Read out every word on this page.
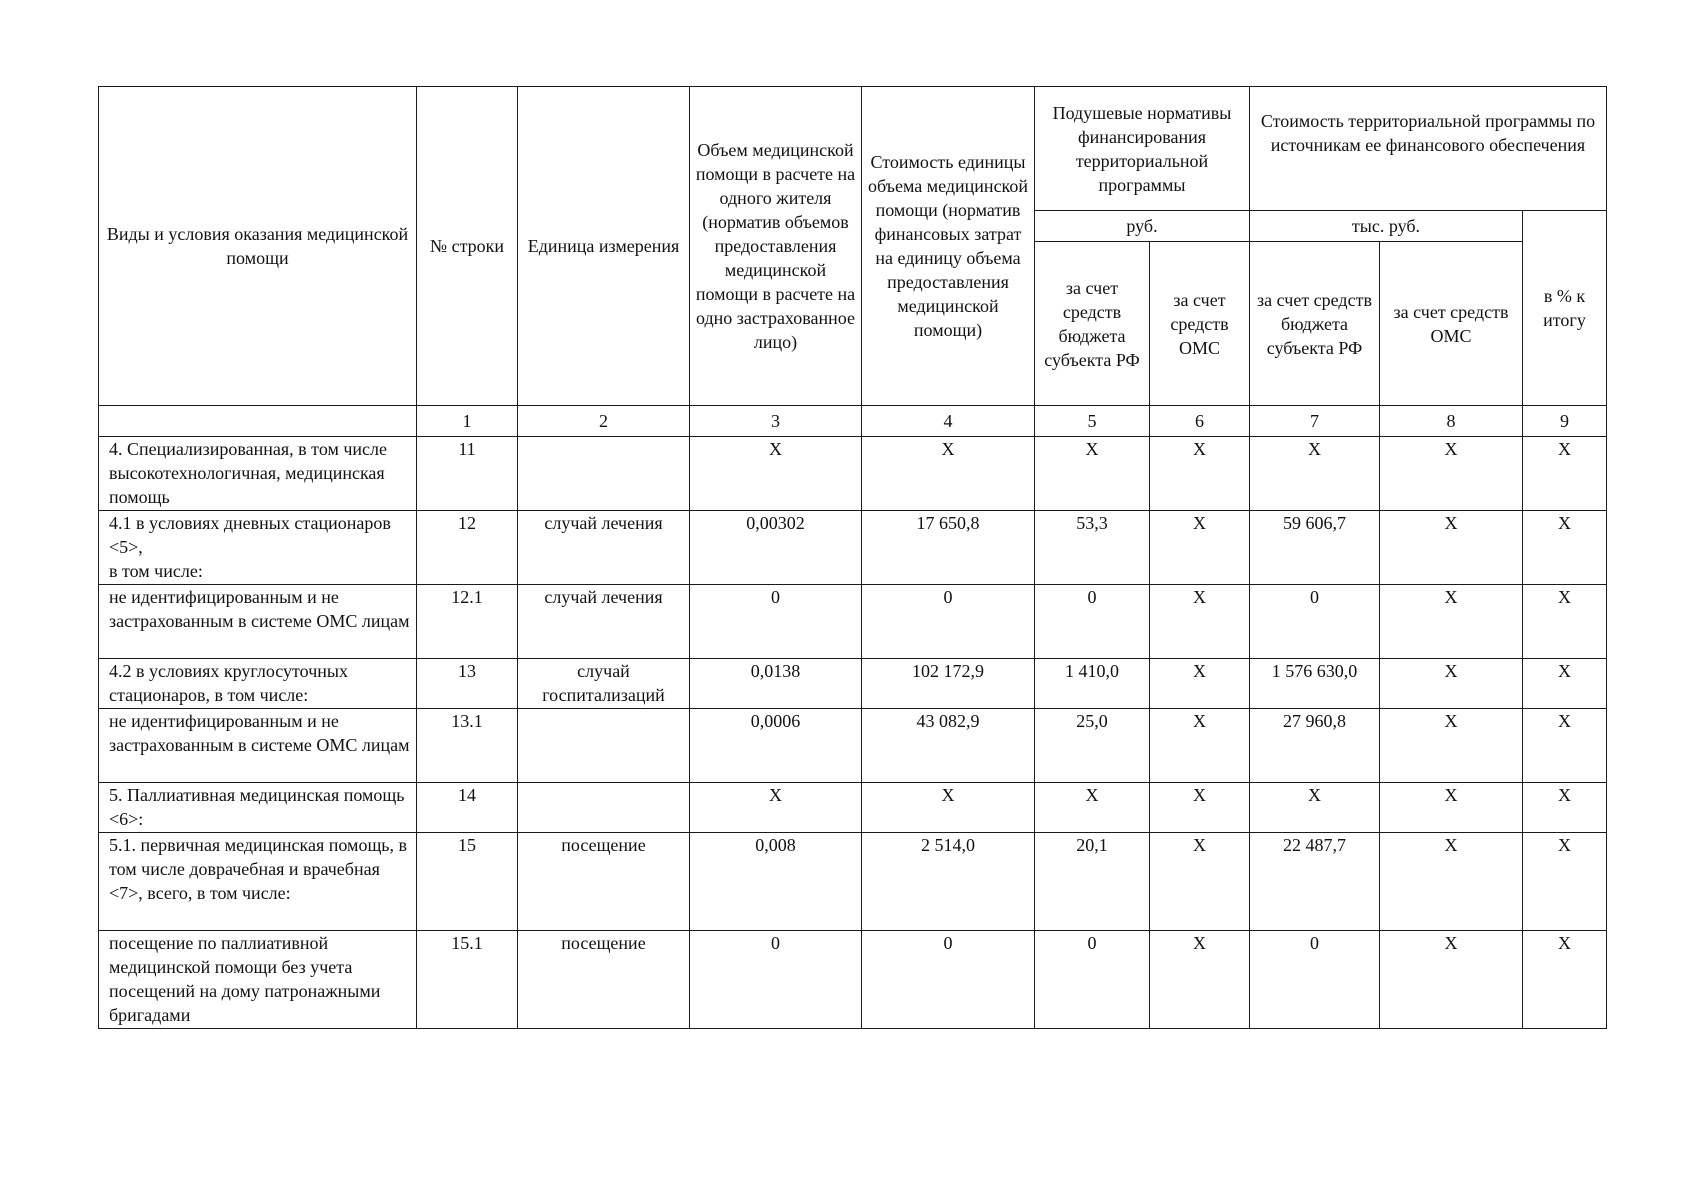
Виды и условия оказания медицинской помощи	№ строки	Единица измерения	Объем медицинской помощи в расчете на одного жителя (норматив объемов предоставления медицинской помощи в расчете на одно застрахованное лицо)	Стоимость единицы объема медицинской помощи (норматив финансовых затрат на единицу объема предоставления медицинской помощи)	Подушевые нормативы финансирования территориальной программы		Стоимость территориальной программы по источникам ее финансового обеспечения		
					руб.		тыс. руб.		в % к итогу
					за счет средств бюджета субъекта РФ	за счет средств ОМС	за счет средств бюджета субъекта РФ	за счет средств ОМС	
	1	2	3	4	5	6	7	8	9
4. Специализированная, в том числе высокотехнологичная, медицинская помощь	11		X	X	X	X	X	X	X
4.1 в условиях дневных стационаров <5>,
в том числе:	12	случай лечения	0,00302	17 650,8	53,3	X	59 606,7	X	X
не идентифицированным и не застрахованным в системе ОМС лицам	12.1	случай лечения	0	0	0	X	0	X	X
4.2 в условиях круглосуточных стационаров, в том числе:	13	случай госпитализаций	0,0138	102 172,9	1 410,0	X	1 576 630,0	X	X
не идентифицированным и не застрахованным в системе ОМС лицам	13.1		0,0006	43 082,9	25,0	X	27 960,8	X	X
5. Паллиативная медицинская помощь <6>:	14		X	X	X	X	X	X	X
5.1. первичная медицинская помощь, в том числе доврачебная и врачебная <7>, всего, в том числе:	15	посещение	0,008	2 514,0	20,1	X	22 487,7	X	X
посещение по паллиативной медицинской помощи без учета посещений на дому патронажными бригадами	15.1	посещение	0	0	0	X	0	X	X
